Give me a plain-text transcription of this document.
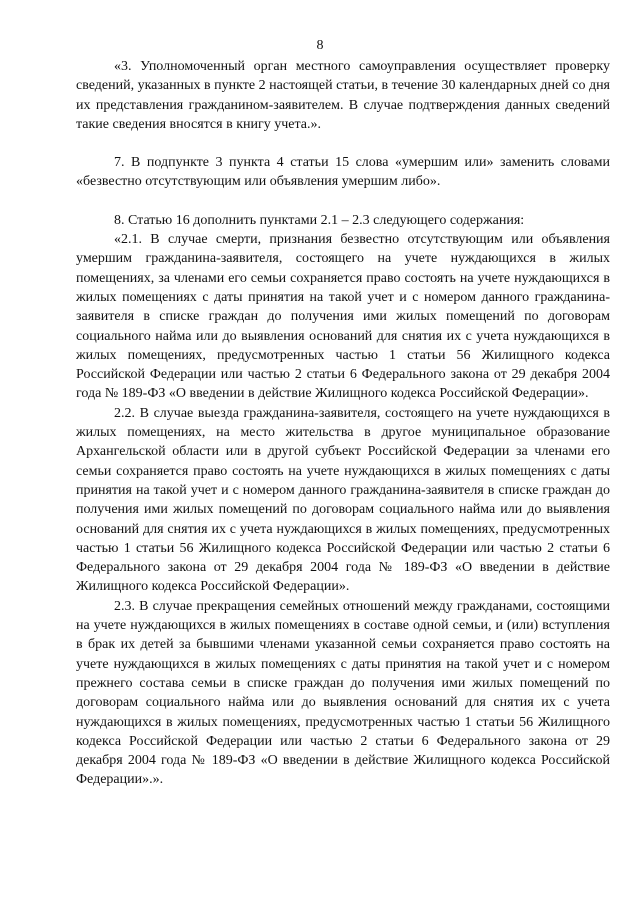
8

«3. Уполномоченный орган местного самоуправления осуществляет проверку сведений, указанных в пункте 2 настоящей статьи, в течение 30 календарных дней со дня их представления гражданином-заявителем. В случае подтверждения данных сведений такие сведения вносятся в книгу учета.».

7. В подпункте 3 пункта 4 статьи 15 слова «умершим или» заменить словами «безвестно отсутствующим или объявления умершим либо».

8. Статью 16 дополнить пунктами 2.1 – 2.3 следующего содержания:

«2.1. В случае смерти, признания безвестно отсутствующим или объявления умершим гражданина-заявителя, состоящего на учете нуждающихся в жилых помещениях, за членами его семьи сохраняется право состоять на учете нуждающихся в жилых помещениях с даты принятия на такой учет и с номером данного гражданина-заявителя в списке граждан до получения ими жилых помещений по договорам социального найма или до выявления оснований для снятия их с учета нуждающихся в жилых помещениях, предусмотренных частью 1 статьи 56 Жилищного кодекса Российской Федерации или частью 2 статьи 6 Федерального закона от 29 декабря 2004 года № 189-ФЗ «О введении в действие Жилищного кодекса Российской Федерации».

2.2. В случае выезда гражданина-заявителя, состоящего на учете нуждающихся в жилых помещениях, на место жительства в другое муниципальное образование Архангельской области или в другой субъект Российской Федерации за членами его семьи сохраняется право состоять на учете нуждающихся в жилых помещениях с даты принятия на такой учет и с номером данного гражданина-заявителя в списке граждан до получения ими жилых помещений по договорам социального найма или до выявления оснований для снятия их с учета нуждающихся в жилых помещениях, предусмотренных частью 1 статьи 56 Жилищного кодекса Российской Федерации или частью 2 статьи 6 Федерального закона от 29 декабря 2004 года № 189-ФЗ «О введении в действие Жилищного кодекса Российской Федерации».

2.3. В случае прекращения семейных отношений между гражданами, состоящими на учете нуждающихся в жилых помещениях в составе одной семьи, и (или) вступления в брак их детей за бывшими членами указанной семьи сохраняется право состоять на учете нуждающихся в жилых помещениях с даты принятия на такой учет и с номером прежнего состава семьи в списке граждан до получения ими жилых помещений по договорам социального найма или до выявления оснований для снятия их с учета нуждающихся в жилых помещениях, предусмотренных частью 1 статьи 56 Жилищного кодекса Российской Федерации или частью 2 статьи 6 Федерального закона от 29 декабря 2004 года № 189-ФЗ «О введении в действие Жилищного кодекса Российской Федерации».».
